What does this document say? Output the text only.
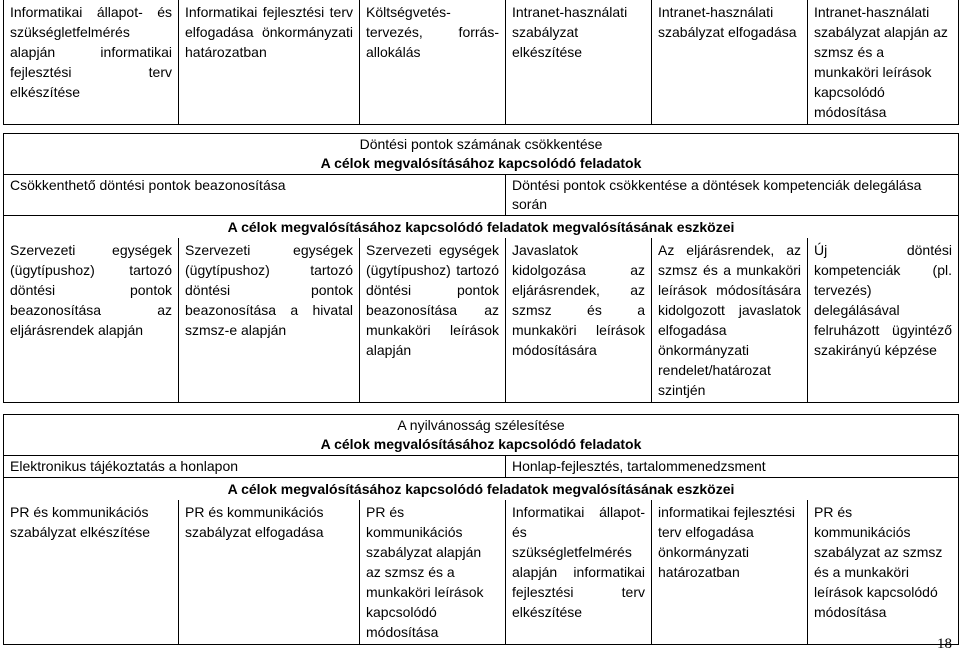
Informatikai állapot- és szükségletfelmérés alapján informatikai fejlesztési terv elkészítése	Informatikai fejlesztési terv elfogadása önkormányzati határozatban	Költségvetés-tervezés, forrás-allokálás	Intranet-használati szabályzat elkészítése	Intranet-használati szabályzat elfogadása	Intranet-használati szabályzat alapján az szmsz és a munkaköri leírások kapcsolódó módosítása
Döntési pontok számának csökkentése
A célok megvalósításához kapcsolódó feladatok					

Csökkenthető döntési pontok beazonosítása			Döntési pontok csökkentése a döntések kompetenciák delegálása során		
A célok megvalósításához kapcsolódó feladatok megvalósításának eszközei					
Szervezeti egységek (ügytípushoz) tartozó döntési pontok beazonosítása az eljárásrendek alapján	Szervezeti egységek (ügytípushoz) tartozó döntési pontok beazonosítása a hivatal szmsz-e alapján	Szervezeti egységek (ügytípushoz) tartozó döntési pontok beazonosítása az munkaköri leírások alapján	Javaslatok kidolgozása az eljárásrendek, az szmsz és a munkaköri leírások módosítására	Az eljárásrendek, az szmsz és a munkaköri leírások módosítására kidolgozott javaslatok elfogadása önkormányzati rendelet/határozat szintjén	Új döntési kompetenciák (pl. tervezés) delegálásával felruházott ügyintéző szakirányú képzése
A nyilvánosság szélesítése
A célok megvalósításához kapcsolódó feladatok					

Elektronikus tájékoztatás a honlapon			Honlap-fejlesztés, tartalommenedzsment		
A célok megvalósításához kapcsolódó feladatok megvalósításának eszközei					
PR és kommunikációs szabályzat elkészítése	PR és kommunikációs szabályzat elfogadása	PR és kommunikációs szabályzat alapján az szmsz és a munkaköri leírások kapcsolódó módosítása	Informatikai állapot- és szükségletfelmérés alapján informatikai fejlesztési terv elkészítése	informatikai fejlesztési terv elfogadása önkormányzati határozatban	PR és kommunikációs szabályzat az szmsz és a munkaköri leírások kapcsolódó módosítása
18
